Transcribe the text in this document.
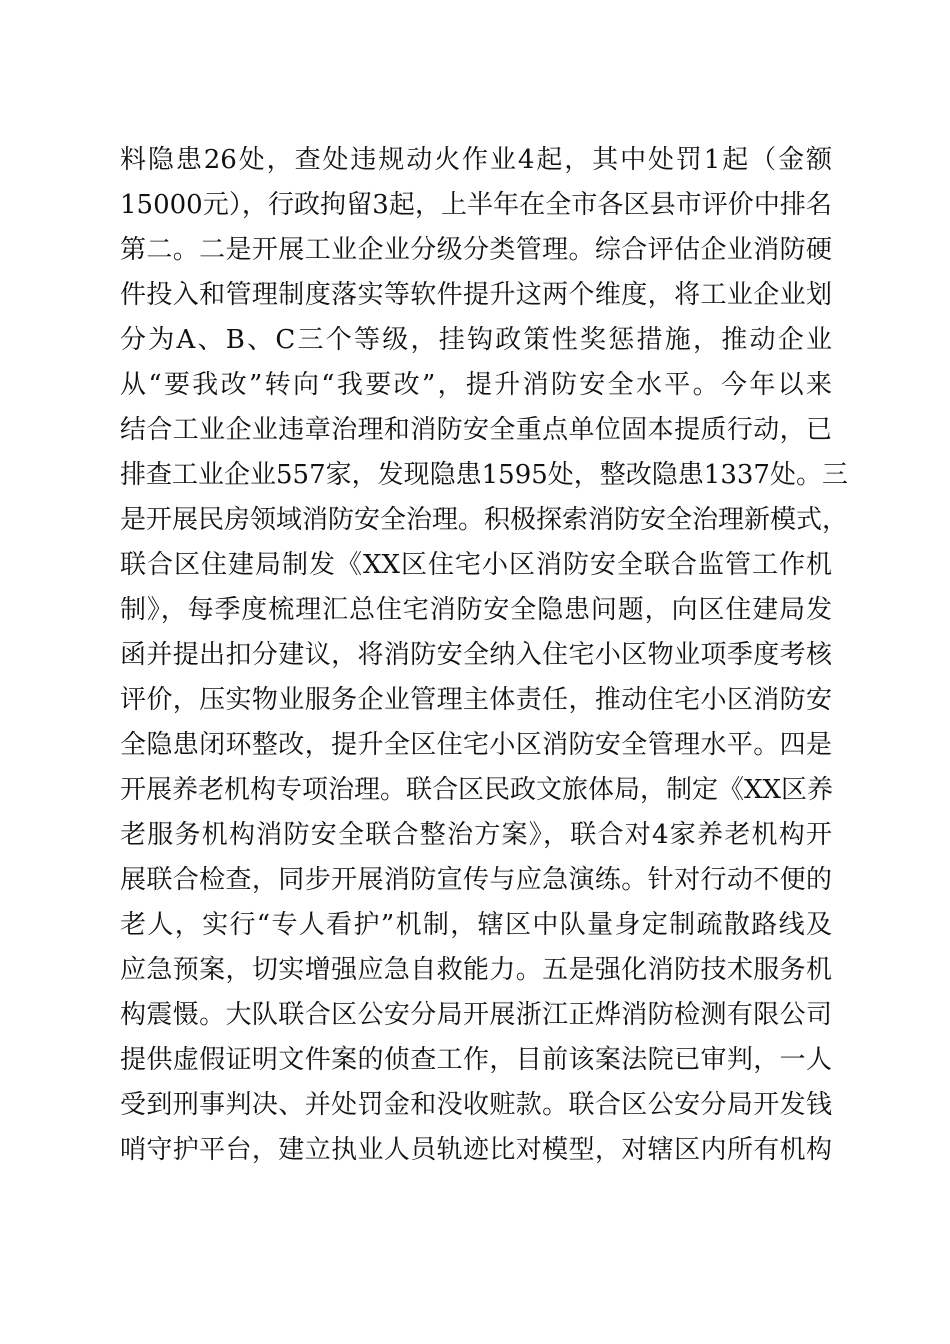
料隐患26处，查处违规动火作业4起，其中处罚1起（金额
15000元），行政拘留3起，上半年在全市各区县市评价中排名
第二。二是开展工业企业分级分类管理。综合评估企业消防硬
件投入和管理制度落实等软件提升这两个维度，将工业企业划
分为A、B、C三个等级，挂钩政策性奖惩措施，推动企业
从“要我改”转向“我要改”，提升消防安全水平。今年以来
结合工业企业违章治理和消防安全重点单位固本提质行动，已
排查工业企业557家，发现隐患1595处，整改隐患1337处。三
是开展民房领域消防安全治理。积极探索消防安全治理新模式，
联合区住建局制发《XX区住宅小区消防安全联合监管工作机
制》，每季度梳理汇总住宅消防安全隐患问题，向区住建局发
函并提出扣分建议，将消防安全纳入住宅小区物业项季度考核
评价，压实物业服务企业管理主体责任，推动住宅小区消防安
全隐患闭环整改，提升全区住宅小区消防安全管理水平。四是
开展养老机构专项治理。联合区民政文旅体局，制定《XX区养
老服务机构消防安全联合整治方案》，联合对4家养老机构开
展联合检查，同步开展消防宣传与应急演练。针对行动不便的
老人，实行“专人看护”机制，辖区中队量身定制疏散路线及
应急预案，切实增强应急自救能力。五是强化消防技术服务机
构震慑。大队联合区公安分局开展浙江正烨消防检测有限公司
提供虚假证明文件案的侦查工作，目前该案法院已审判，一人
受到刑事判决、并处罚金和没收赃款。联合区公安分局开发钱
哨守护平台，建立执业人员轨迹比对模型，对辖区内所有机构
